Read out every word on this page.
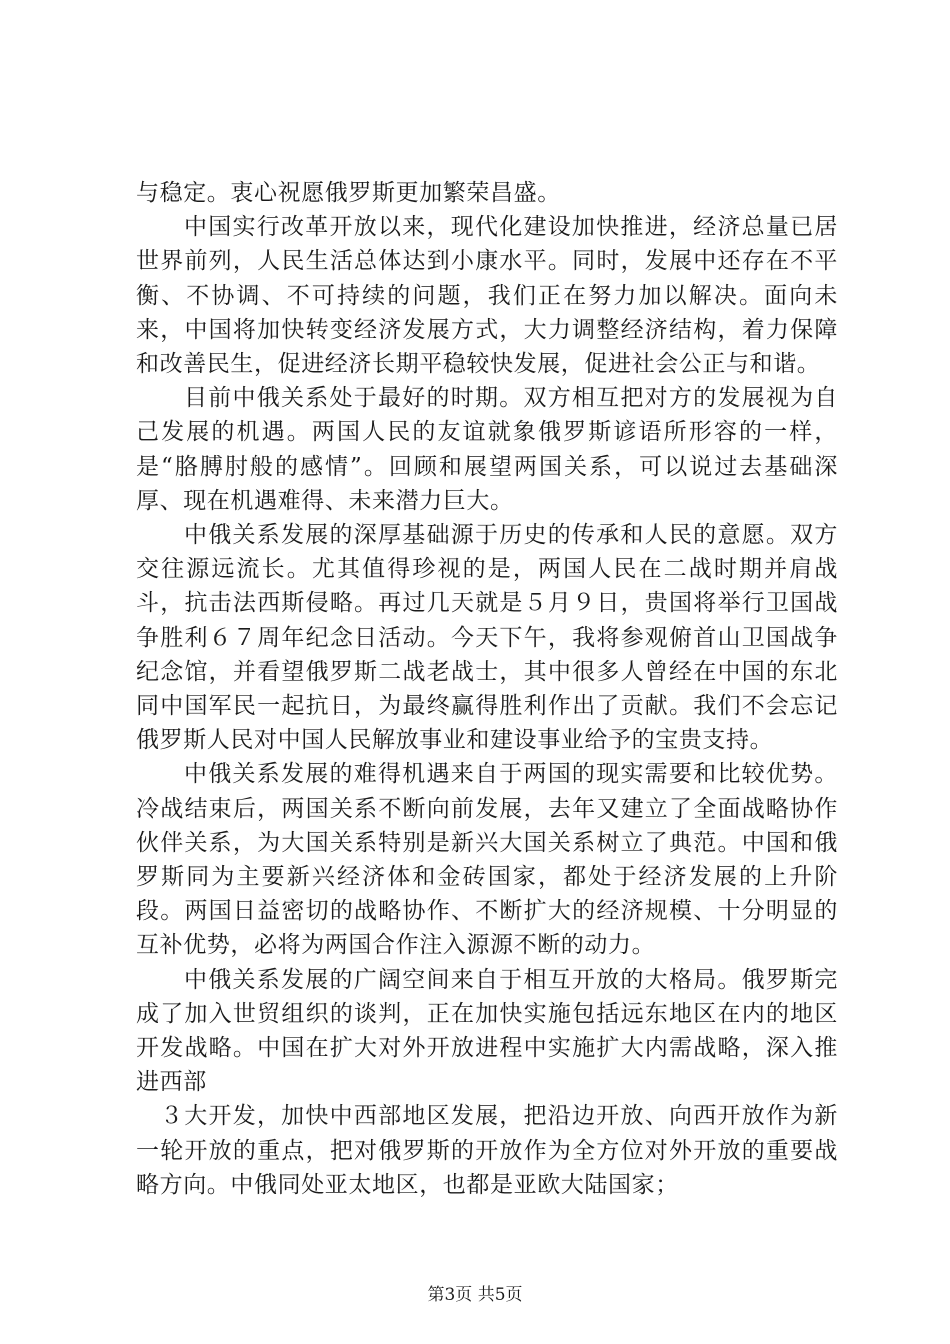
与稳定。衷心祝愿俄罗斯更加繁荣昌盛。

中国实行改革开放以来，现代化建设加快推进，经济总量已居世界前列，人民生活总体达到小康水平。同时，发展中还存在不平衡、不协调、不可持续的问题，我们正在努力加以解决。面向未来，中国将加快转变经济发展方式，大力调整经济结构，着力保障和改善民生，促进经济长期平稳较快发展，促进社会公正与和谐。

目前中俄关系处于最好的时期。双方相互把对方的发展视为自己发展的机遇。两国人民的友谊就象俄罗斯谚语所形容的一样，是“胳膊肘般的感情”。回顾和展望两国关系，可以说过去基础深厚、现在机遇难得、未来潜力巨大。

中俄关系发展的深厚基础源于历史的传承和人民的意愿。双方交往源远流长。尤其值得珍视的是，两国人民在二战时期并肩战斗，抗击法西斯侵略。再过几天就是５月９日，贵国将举行卫国战争胜利６７周年纪念日活动。今天下午，我将参观俯首山卫国战争纪念馆，并看望俄罗斯二战老战士，其中很多人曾经在中国的东北同中国军民一起抗日，为最终赢得胜利作出了贡献。我们不会忘记俄罗斯人民对中国人民解放事业和建设事业给予的宝贵支持。

中俄关系发展的难得机遇来自于两国的现实需要和比较优势。冷战结束后，两国关系不断向前发展，去年又建立了全面战略协作伙伴关系，为大国关系特别是新兴大国关系树立了典范。中国和俄罗斯同为主要新兴经济体和金砖国家，都处于经济发展的上升阶段。两国日益密切的战略协作、不断扩大的经济规模、十分明显的互补优势，必将为两国合作注入源源不断的动力。

中俄关系发展的广阔空间来自于相互开放的大格局。俄罗斯完成了加入世贸组织的谈判，正在加快实施包括远东地区在内的地区开发战略。中国在扩大对外开放进程中实施扩大内需战略，深入推进西部

３大开发，加快中西部地区发展，把沿边开放、向西开放作为新一轮开放的重点，把对俄罗斯的开放作为全方位对外开放的重要战略方向。中俄同处亚太地区，也都是亚欧大陆国家；

第3页 共5页
